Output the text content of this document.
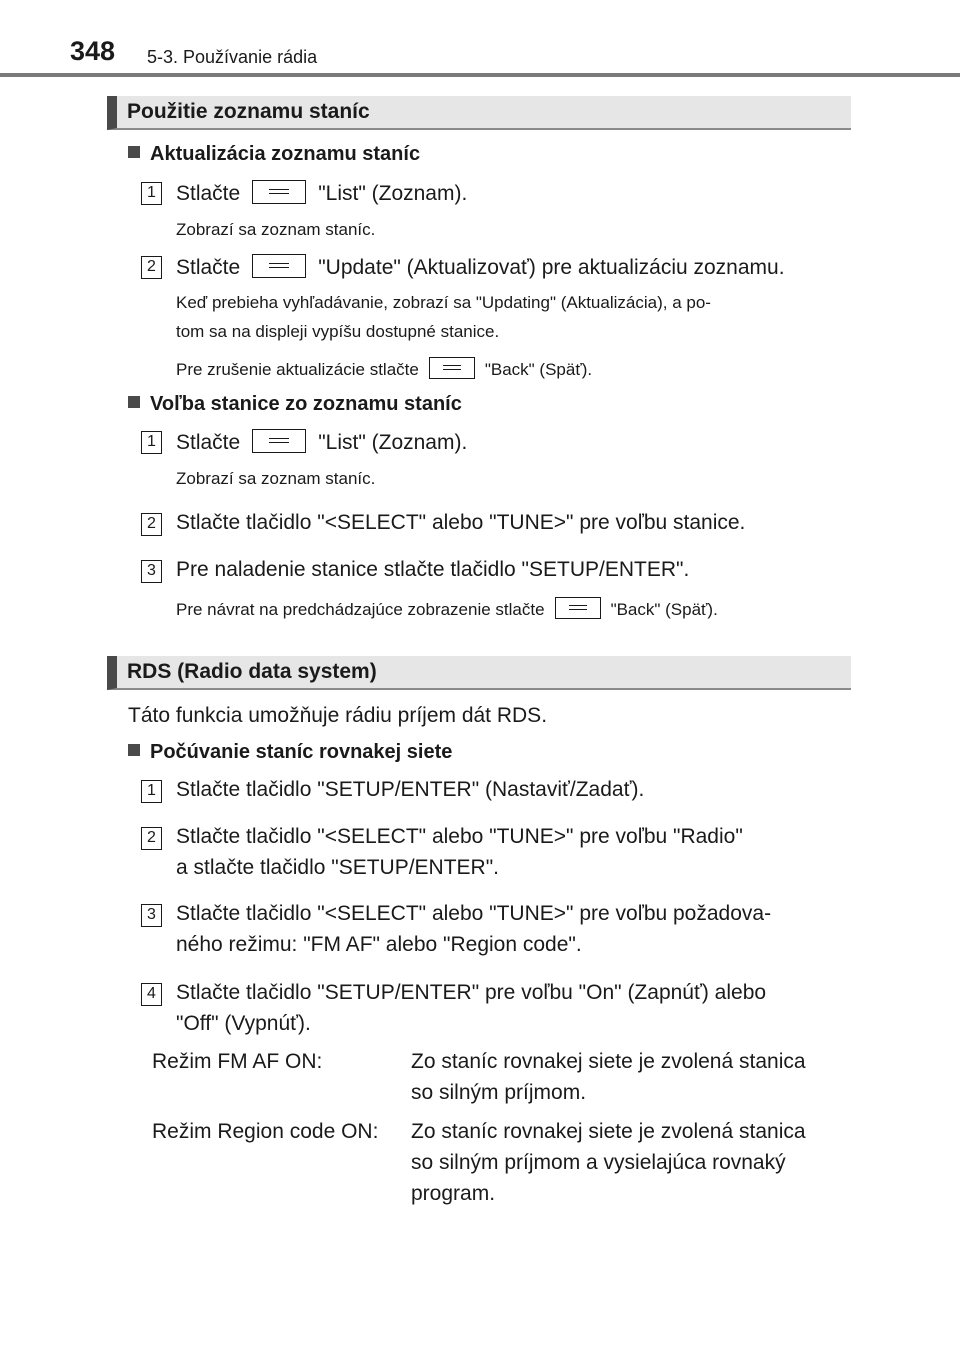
348 5-3. Používanie rádia
Použitie zoznamu staníc
Aktualizácia zoznamu staníc
1 Stlačte	"List" (Zoznam).
Zobrazí sa zoznam staníc.
2 Stlačte	"Update" (Aktualizovať) pre aktualizáciu zoznamu.
Keď prebieha vyhľadávanie, zobrazí sa "Updating" (Aktualizácia), a po-
tom sa na displeji vypíšu dostupné stanice.
Pre zrušenie aktualizácie stlačte	"Back" (Späť).
Voľba stanice zo zoznamu staníc
1 Stlačte	"List" (Zoznam).
Zobrazí sa zoznam staníc.
2 Stlačte tlačidlo "<SELECT" alebo "TUNE>" pre voľbu stanice.
3 Pre naladenie stanice stlačte tlačidlo "SETUP/ENTER".
Pre návrat na predchádzajúce zobrazenie stlačte	"Back" (Späť).
RDS (Radio data system)
Táto funkcia umožňuje rádiu príjem dát RDS.
Počúvanie staníc rovnakej siete
1 Stlačte tlačidlo "SETUP/ENTER" (Nastaviť/Zadať).
2 Stlačte tlačidlo "<SELECT" alebo "TUNE>" pre voľbu "Radio"
a stlačte tlačidlo "SETUP/ENTER".
3 Stlačte tlačidlo "<SELECT" alebo "TUNE>" pre voľbu požadova-
ného režimu: "FM AF" alebo "Region code".
4 Stlačte tlačidlo "SETUP/ENTER" pre voľbu "On" (Zapnúť) alebo
"Off" (Vypnúť).
Režim FM AF ON:	Zo staníc rovnakej siete je zvolená stanica
so silným príjmom.
Režim Region code ON: Zo staníc rovnakej siete je zvolená stanica
so silným príjmom a vysielajúca rovnaký
program.
